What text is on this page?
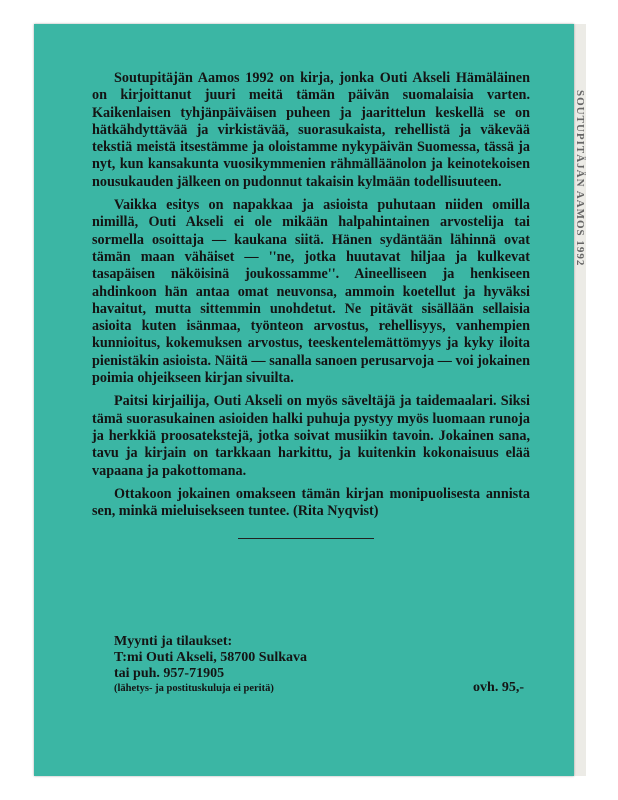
SOUTUPITÄJÄN AAMOS 1992

Soutupitäjän Aamos 1992 on kirja, jonka Outi Akseli Hämäläinen on kirjoittanut juuri meitä tämän päivän suomalaisia varten. Kaikenlaisen tyhjänpäiväisen puheen ja jaarittelun keskellä se on hätkähdyttävää ja virkistävää, suorasukaista, rehellistä ja väkevää tekstiä meistä itsestämme ja oloistamme nykypäivän Suomessa, tässä ja nyt, kun kansakunta vuosikymmenien rähmälläänolon ja keinotekoisen nousukauden jälkeen on pudonnut takaisin kylmään todellisuuteen.

Vaikka esitys on napakkaa ja asioista puhutaan niiden omilla nimillä, Outi Akseli ei ole mikään halpahintainen arvostelija tai sormella osoittaja — kaukana siitä. Hänen sydäntään lähinnä ovat tämän maan vähäiset — ''ne, jotka huutavat hiljaa ja kulkevat tasapäisen näköisinä joukossamme''. Aineelliseen ja henkiseen ahdinkoon hän antaa omat neuvonsa, ammoin koetellut ja hyväksi havaitut, mutta sittemmin unohdetut. Ne pitävät sisällään sellaisia asioita kuten isänmaa, työnteon arvostus, rehellisyys, vanhempien kunnioitus, kokemuksen arvostus, teeskentelemättömyys ja kyky iloita pienistäkin asioista. Näitä — sanalla sanoen perusarvoja — voi jokainen poimia ohjeikseen kirjan sivuilta.

Paitsi kirjailija, Outi Akseli on myös säveltäjä ja taidemaalari. Siksi tämä suorasukainen asioiden halki puhuja pystyy myös luomaan runoja ja herkkiä proosatekstejä, jotka soivat musiikin tavoin. Jokainen sana, tavu ja kirjain on tarkkaan harkittu, ja kuitenkin kokonaisuus elää vapaana ja pakottomana.

Ottakoon jokainen omakseen tämän kirjan monipuolisesta annista sen, minkä mieluisekseen tuntee. (Rita Nyqvist)

Myynti ja tilaukset:
T:mi Outi Akseli, 58700 Sulkava
tai puh. 957-71905
(lähetys- ja postituskuluja ei peritä)	ovh. 95,-
